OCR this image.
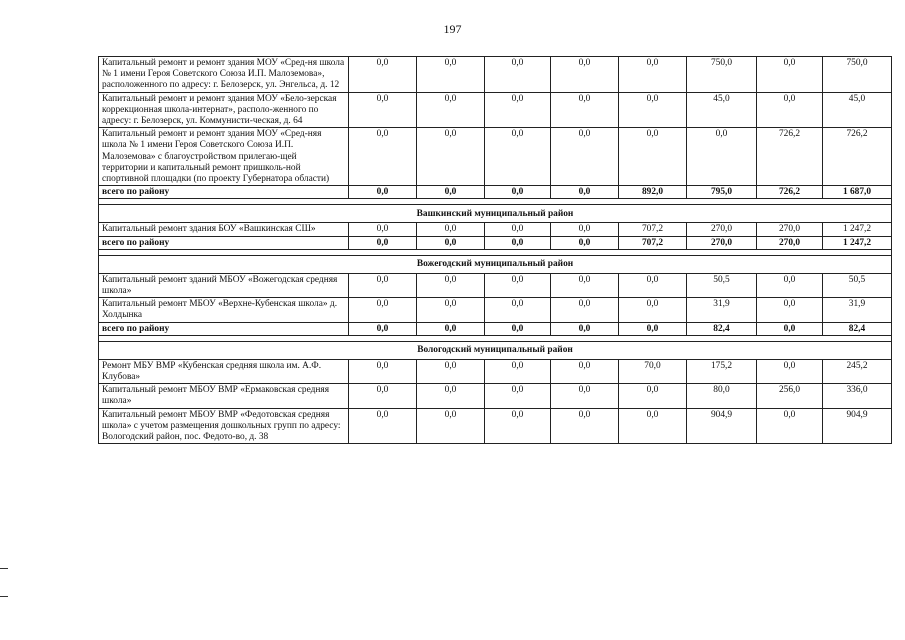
197
Капитальный ремонт и ремонт здания МОУ «Сред-ня школа № 1 имени Героя Советского Союза И.П. Малоземова», расположенного по адресу: г. Белозерск, ул. Энгельса, д. 12	0,0	0,0	0,0	0,0	0,0	750,0	0,0	750,0
Капитальный ремонт и ремонт здания МОУ «Бело-зерская коррекционная школа-интернат», располо-женного по адресу: г. Белозерск, ул. Коммунисти-ческая, д. 64	0,0	0,0	0,0	0,0	0,0	45,0	0,0	45,0
Капитальный ремонт и ремонт здания МОУ «Сред-няя школа № 1 имени Героя Советского Союза И.П. Малоземова» с благоустройством прилегаю-щей территории и капитальный ремонт пришколь-ной спортивной площадки (по проекту Губернатора области)	0,0	0,0	0,0	0,0	0,0	0,0	726,2	726,2
всего по району	0,0	0,0	0,0	0,0	892,0	795,0	726,2	1 687,0

Вашкинский муниципальный район								
Капитальный ремонт здания БОУ «Вашкинская СШ»	0,0	0,0	0,0	0,0	707,2	270,0	270,0	1 247,2
всего по району	0,0	0,0	0,0	0,0	707,2	270,0	270,0	1 247,2

Вожегодский муниципальный район								
Капитальный ремонт зданий МБОУ «Вожегодская средняя школа»	0,0	0,0	0,0	0,0	0,0	50,5	0,0	50,5
Капитальный ремонт МБОУ «Верхне-Кубенская школа» д. Холдынка	0,0	0,0	0,0	0,0	0,0	31,9	0,0	31,9
всего по району	0,0	0,0	0,0	0,0	0,0	82,4	0,0	82,4

Вологодский муниципальный район								
Ремонт МБУ ВМР «Кубенская средняя школа им. А.Ф. Клубова»	0,0	0,0	0,0	0,0	70,0	175,2	0,0	245,2
Капитальный ремонт МБОУ ВМР «Ермаковская средняя школа»	0,0	0,0	0,0	0,0	0,0	80,0	256,0	336,0
Капитальный ремонт МБОУ ВМР «Федотовская средняя школа» с учетом размещения дошкольных групп по адресу: Вологодский район, пос. Федото-во, д. 38	0,0	0,0	0,0	0,0	0,0	904,9	0,0	904,9
